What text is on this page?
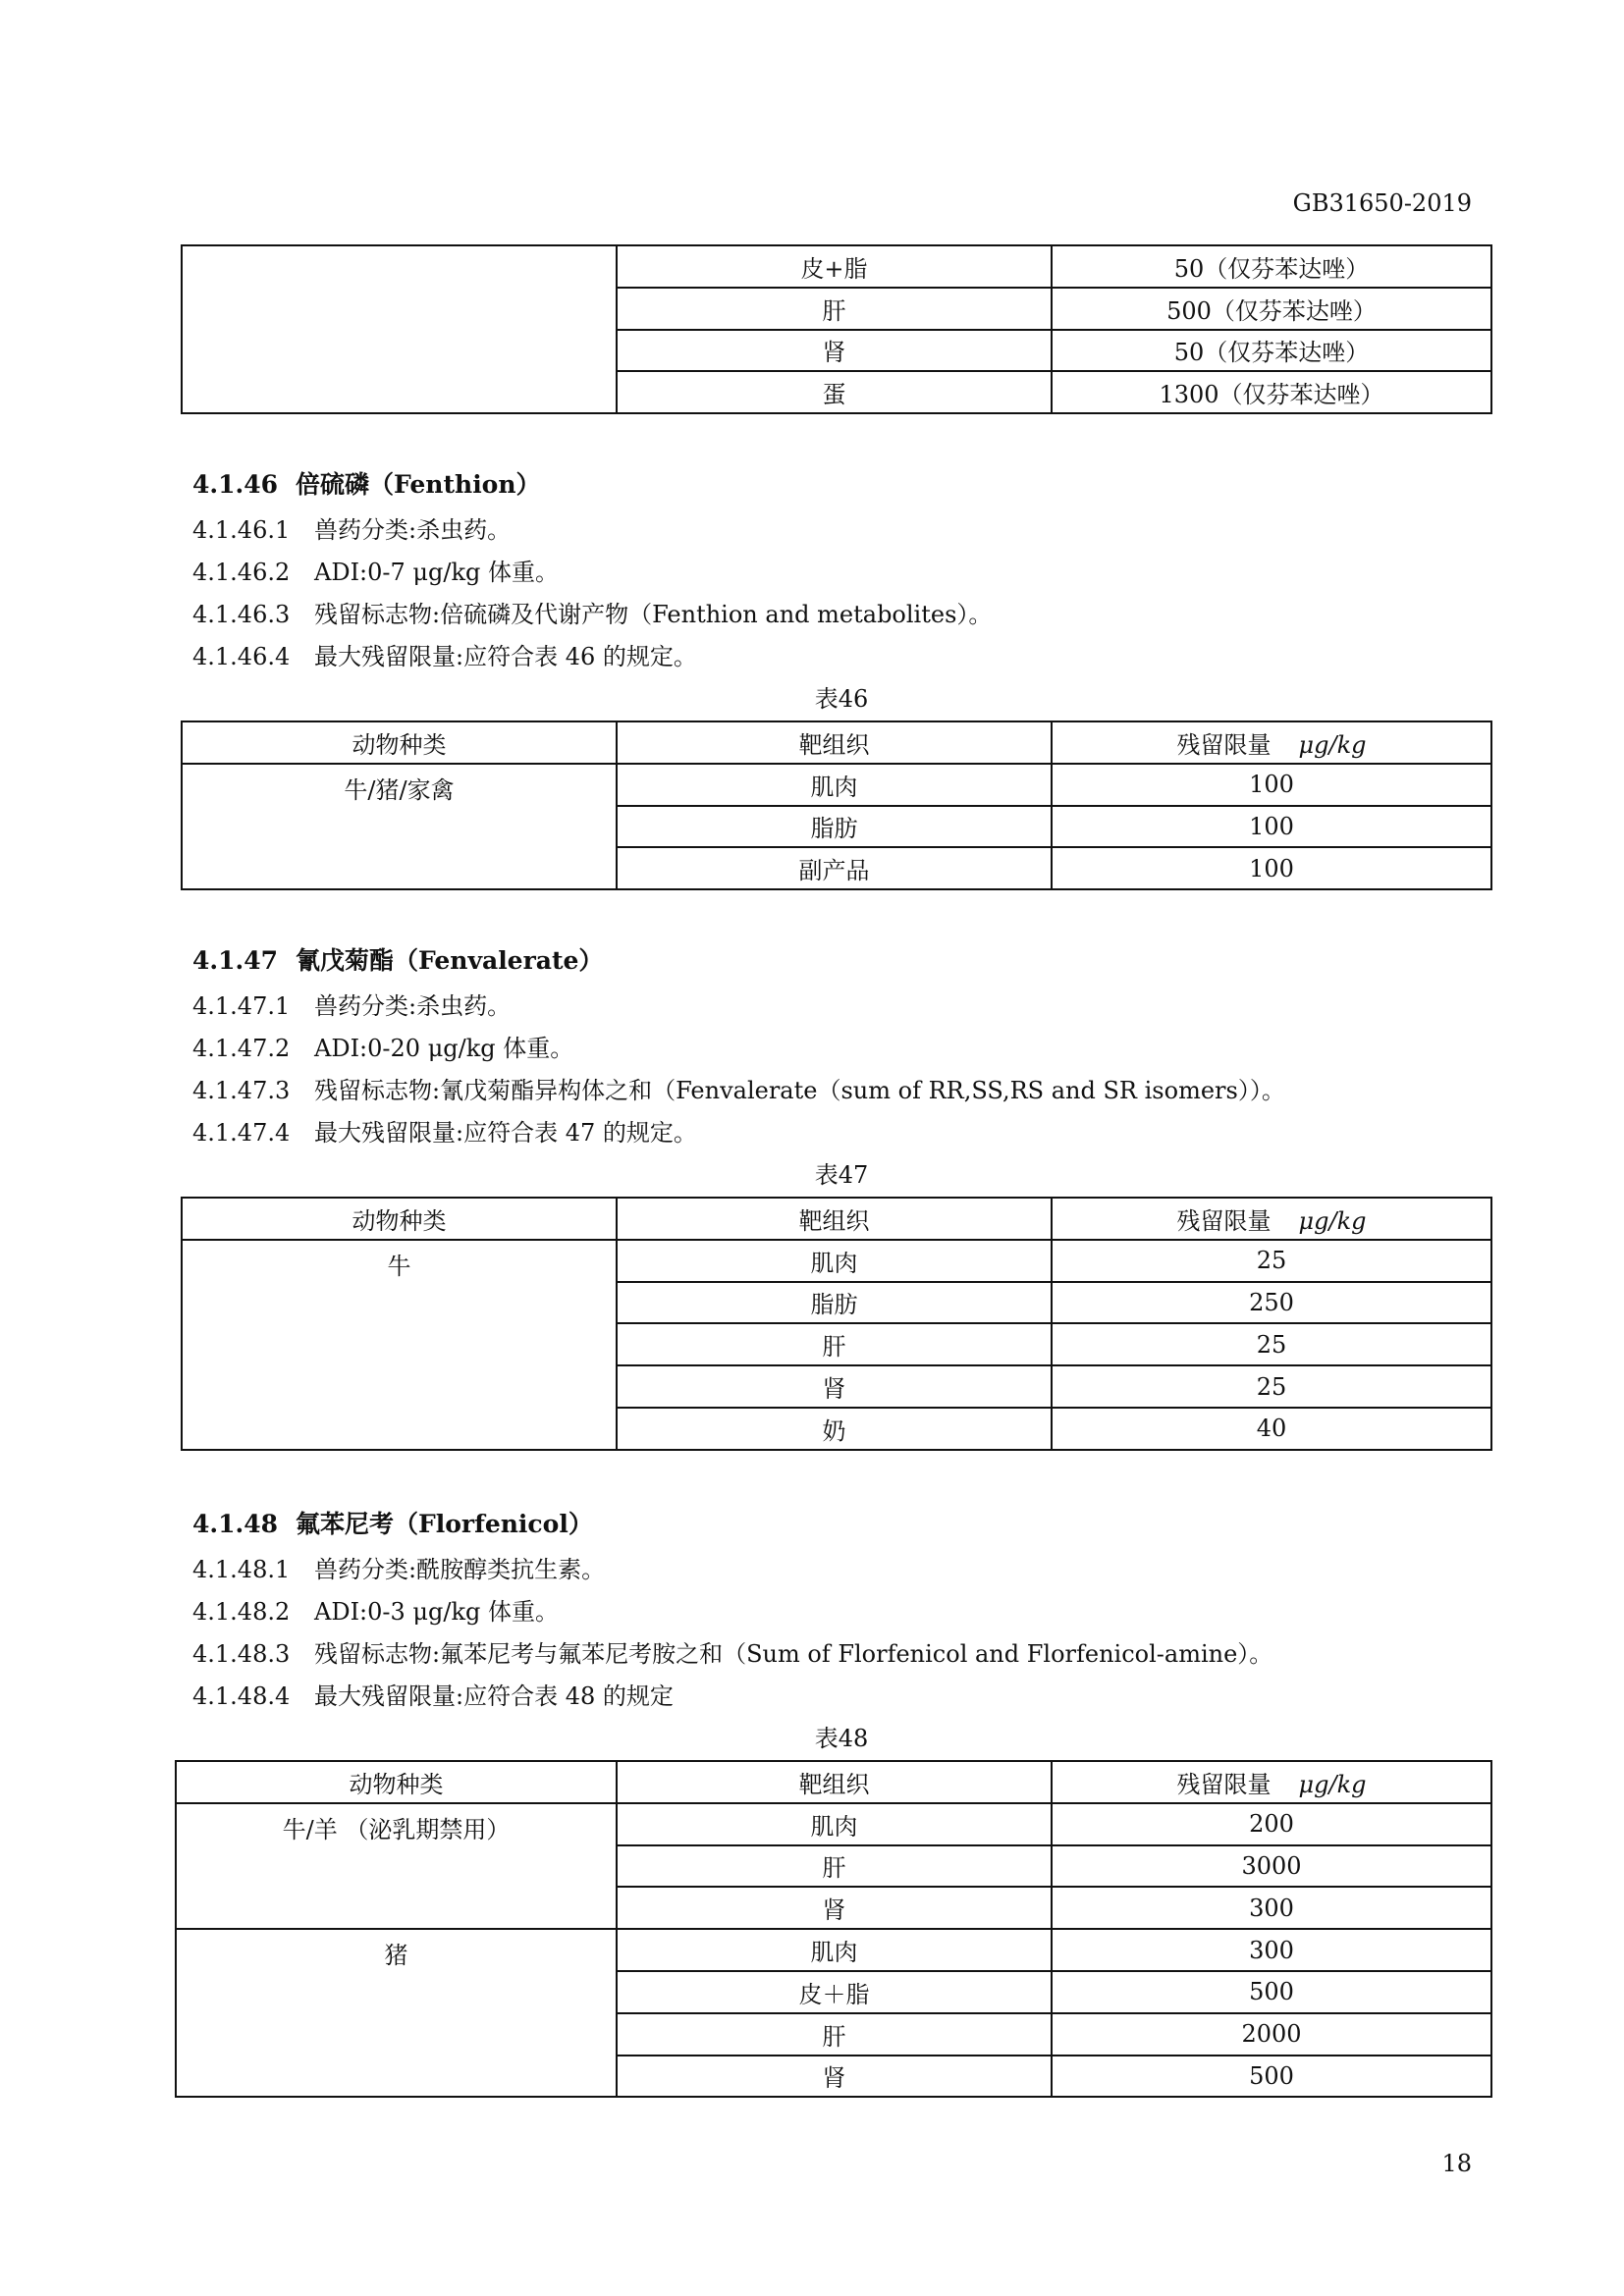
GB31650-2019
	皮+脂	50（仅芬苯达唑）
	肝	500（仅芬苯达唑）
	肾	50（仅芬苯达唑）
	蛋	1300（仅芬苯达唑）
4.1.46 倍硫磷（Fenthion）
4.1.46.1 兽药分类:杀虫药。
4.1.46.2 ADI:0-7 μg/kg 体重。
4.1.46.3 残留标志物:倍硫磷及代谢产物（Fenthion and metabolites）。
4.1.46.4 最大残留限量:应符合表 46 的规定。
表46
动物种类	靶组织	残留限量 μg/kg
牛/猪/家禽	肌肉	100
	脂肪	100
	副产品	100
4.1.47 氰戊菊酯（Fenvalerate）
4.1.47.1 兽药分类:杀虫药。
4.1.47.2 ADI:0-20 μg/kg 体重。
4.1.47.3 残留标志物:氰戊菊酯异构体之和（Fenvalerate（sum of RR,SS,RS and SR isomers））。
4.1.47.4 最大残留限量:应符合表 47 的规定。
表47
动物种类	靶组织	残留限量 μg/kg
牛	肌肉	25
	脂肪	250
	肝	25
	肾	25
	奶	40
4.1.48 氟苯尼考（Florfenicol）
4.1.48.1 兽药分类:酰胺醇类抗生素。
4.1.48.2 ADI:0-3 μg/kg 体重。
4.1.48.3 残留标志物:氟苯尼考与氟苯尼考胺之和（Sum of Florfenicol and Florfenicol-amine）。
4.1.48.4 最大残留限量:应符合表 48 的规定
表48
动物种类	靶组织	残留限量 μg/kg
牛/羊 （泌乳期禁用）	肌肉	200
	肝	3000
	肾	300
猪	肌肉	300
	皮＋脂	500
	肝	2000
	肾	500
18
